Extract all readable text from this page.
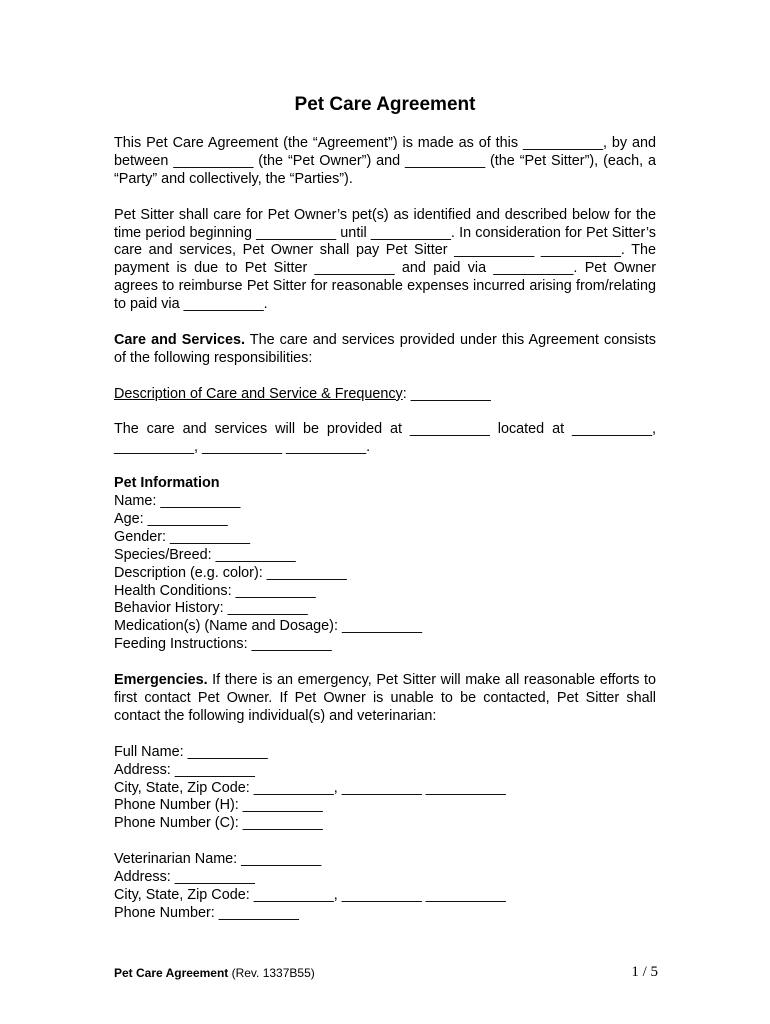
Pet Care Agreement

This Pet Care Agreement (the “Agreement”) is made as of this __________, by and between __________ (the “Pet Owner”) and __________ (the “Pet Sitter”), (each, a “Party” and collectively, the “Parties”).

Pet Sitter shall care for Pet Owner’s pet(s) as identified and described below for the time period beginning __________ until __________. In consideration for Pet Sitter’s care and services, Pet Owner shall pay Pet Sitter __________ __________. The payment is due to Pet Sitter __________ and paid via __________. Pet Owner agrees to reimburse Pet Sitter for reasonable expenses incurred arising from/relating to paid via __________.

Care and Services. The care and services provided under this Agreement consists of the following responsibilities:

Description of Care and Service & Frequency: __________

The care and services will be provided at __________ located at __________, __________, __________ __________.

Pet Information
Name: __________
Age: __________
Gender: __________
Species/Breed: __________
Description (e.g. color): __________
Health Conditions: __________
Behavior History: __________
Medication(s) (Name and Dosage): __________
Feeding Instructions: __________

Emergencies. If there is an emergency, Pet Sitter will make all reasonable efforts to first contact Pet Owner. If Pet Owner is unable to be contacted, Pet Sitter shall contact the following individual(s) and veterinarian:

Full Name: __________
Address: __________
City, State, Zip Code: __________, __________ __________
Phone Number (H): __________
Phone Number (C): __________
Veterinarian Name: __________
Address: __________
City, State, Zip Code: __________, __________ __________
Phone Number: __________
Pet Care Agreement (Rev. 1337B55)	1 / 5
